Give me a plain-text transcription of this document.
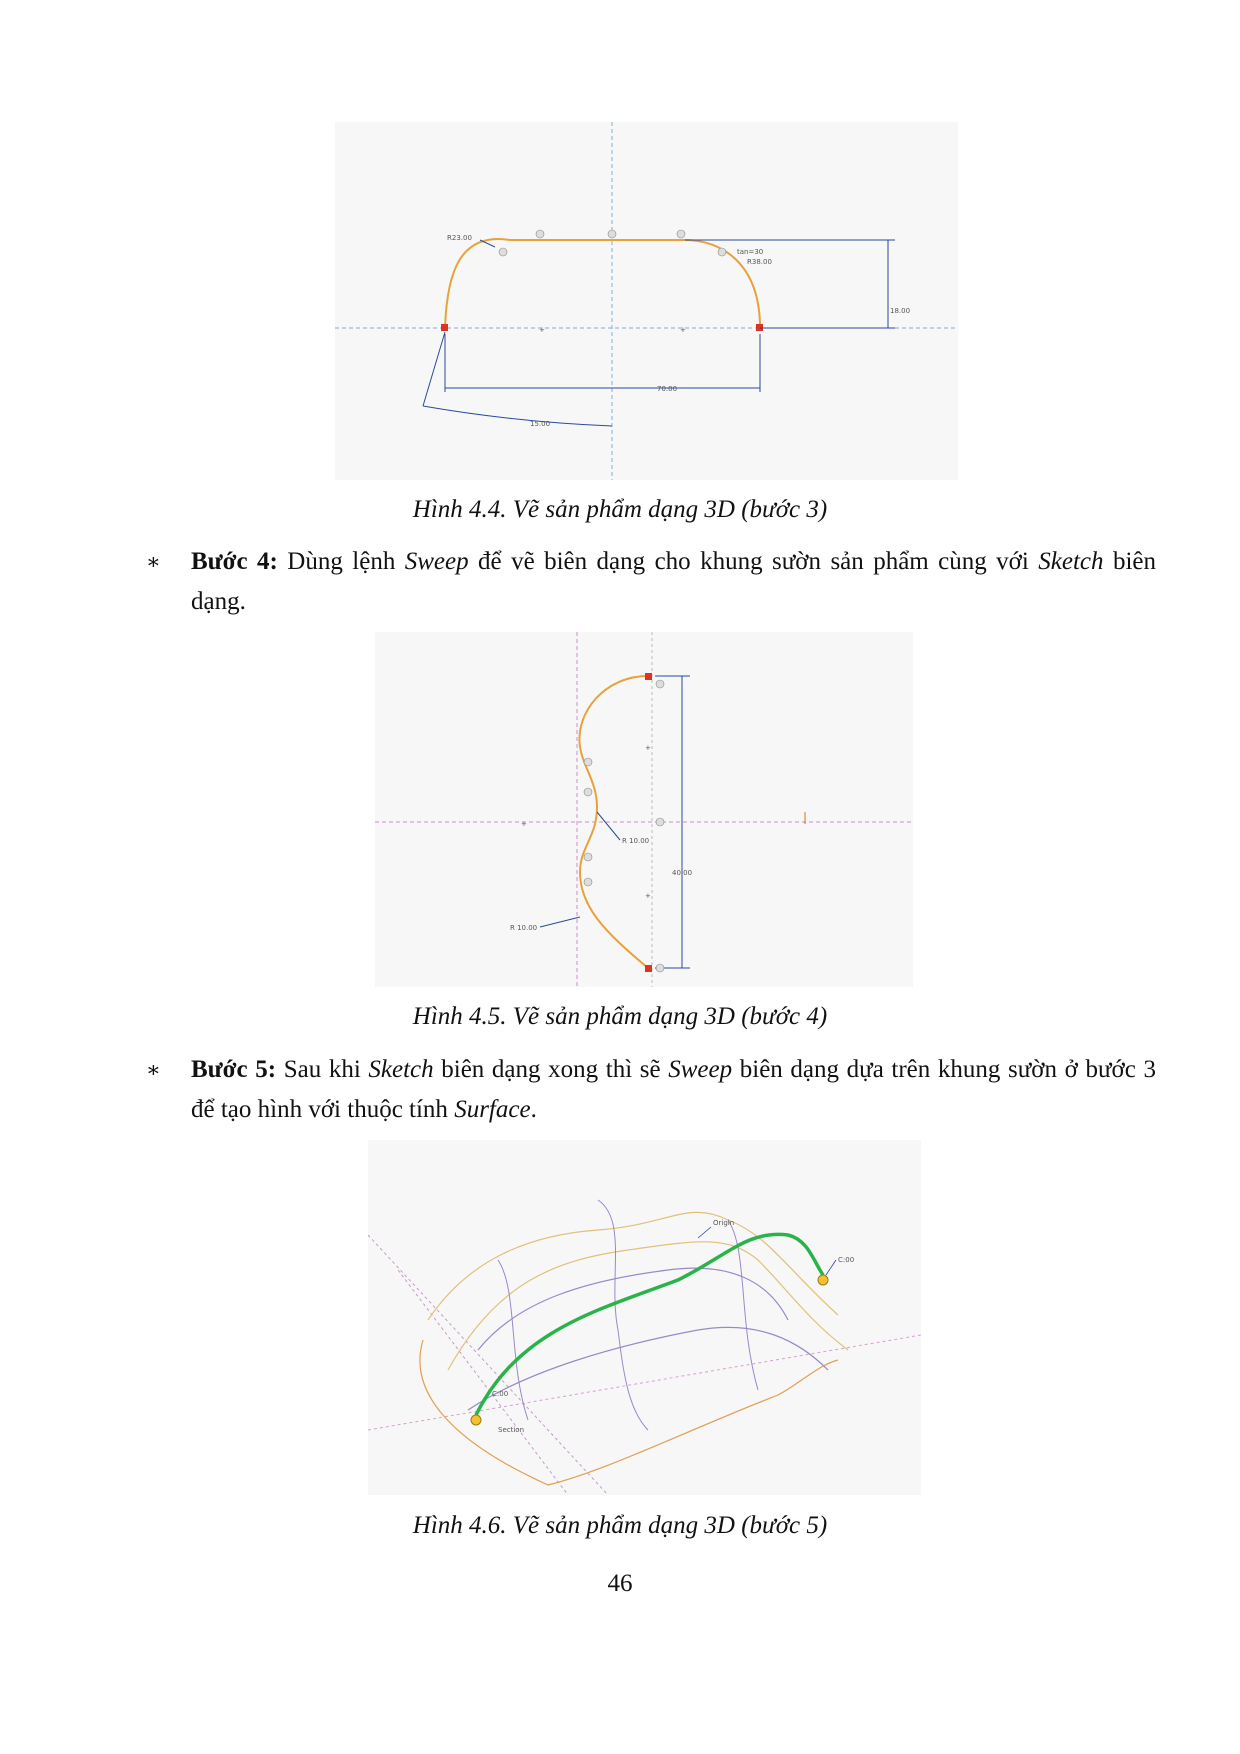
18.00
70.00
15.00
R23.00
R38.00
tan=30
+	+
Hình 4.4. Vẽ sản phẩm dạng 3D (bước 3)
∗ Bước 4: Dùng lệnh Sweep để vẽ biên dạng cho khung sườn sản phẩm cùng với Sketch biên dạng.
40.00
R 10.00
R 10.00
+
+
+
Hình 4.5. Vẽ sản phẩm dạng 3D (bước 4)
∗ Bước 5: Sau khi Sketch biên dạng xong thì sẽ Sweep biên dạng dựa trên khung sườn ở bước 3 để tạo hình với thuộc tính Surface.
Origin
C:00
C:00
Section
Hình 4.6. Vẽ sản phẩm dạng 3D (bước 5)
46
